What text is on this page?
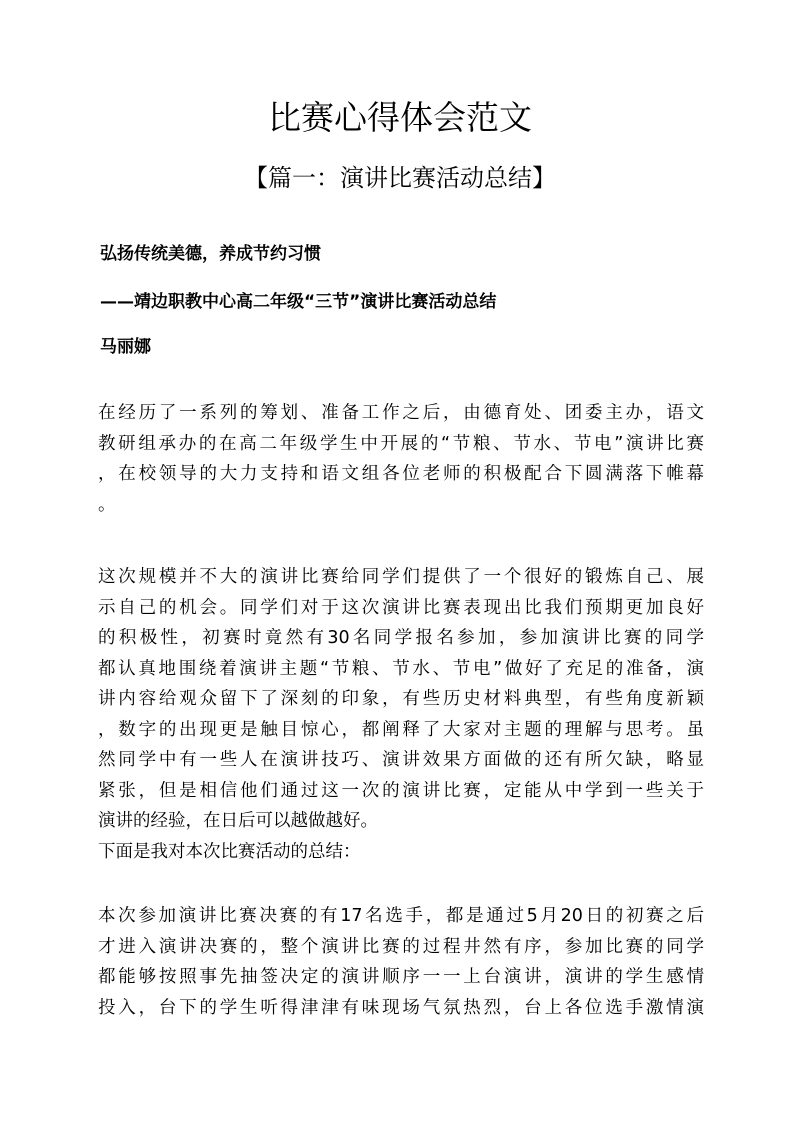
比赛心得体会范文
【篇一：演讲比赛活动总结】
弘扬传统美德，养成节约习惯
——靖边职教中心高二年级“三节”演讲比赛活动总结
马丽娜
在经历了一系列的筹划、准备工作之后，由德育处、团委主办，语文
教研组承办的在高二年级学生中开展的“节粮、节水、节电”演讲比赛
，在校领导的大力支持和语文组各位老师的积极配合下圆满落下帷幕
。
这次规模并不大的演讲比赛给同学们提供了一个很好的锻炼自己、展
示自己的机会。同学们对于这次演讲比赛表现出比我们预期更加良好
的积极性，初赛时竟然有30名同学报名参加，参加演讲比赛的同学
都认真地围绕着演讲主题“节粮、节水、节电”做好了充足的准备，演
讲内容给观众留下了深刻的印象，有些历史材料典型，有些角度新颖
，数字的出现更是触目惊心，都阐释了大家对主题的理解与思考。虽
然同学中有一些人在演讲技巧、演讲效果方面做的还有所欠缺，略显
紧张，但是相信他们通过这一次的演讲比赛，定能从中学到一些关于
演讲的经验，在日后可以越做越好。
下面是我对本次比赛活动的总结：
本次参加演讲比赛决赛的有17名选手，都是通过5月20日的初赛之后
才进入演讲决赛的，整个演讲比赛的过程井然有序，参加比赛的同学
都能够按照事先抽签决定的演讲顺序一一上台演讲，演讲的学生感情
投入，台下的学生听得津津有味现场气氛热烈，台上各位选手激情演
